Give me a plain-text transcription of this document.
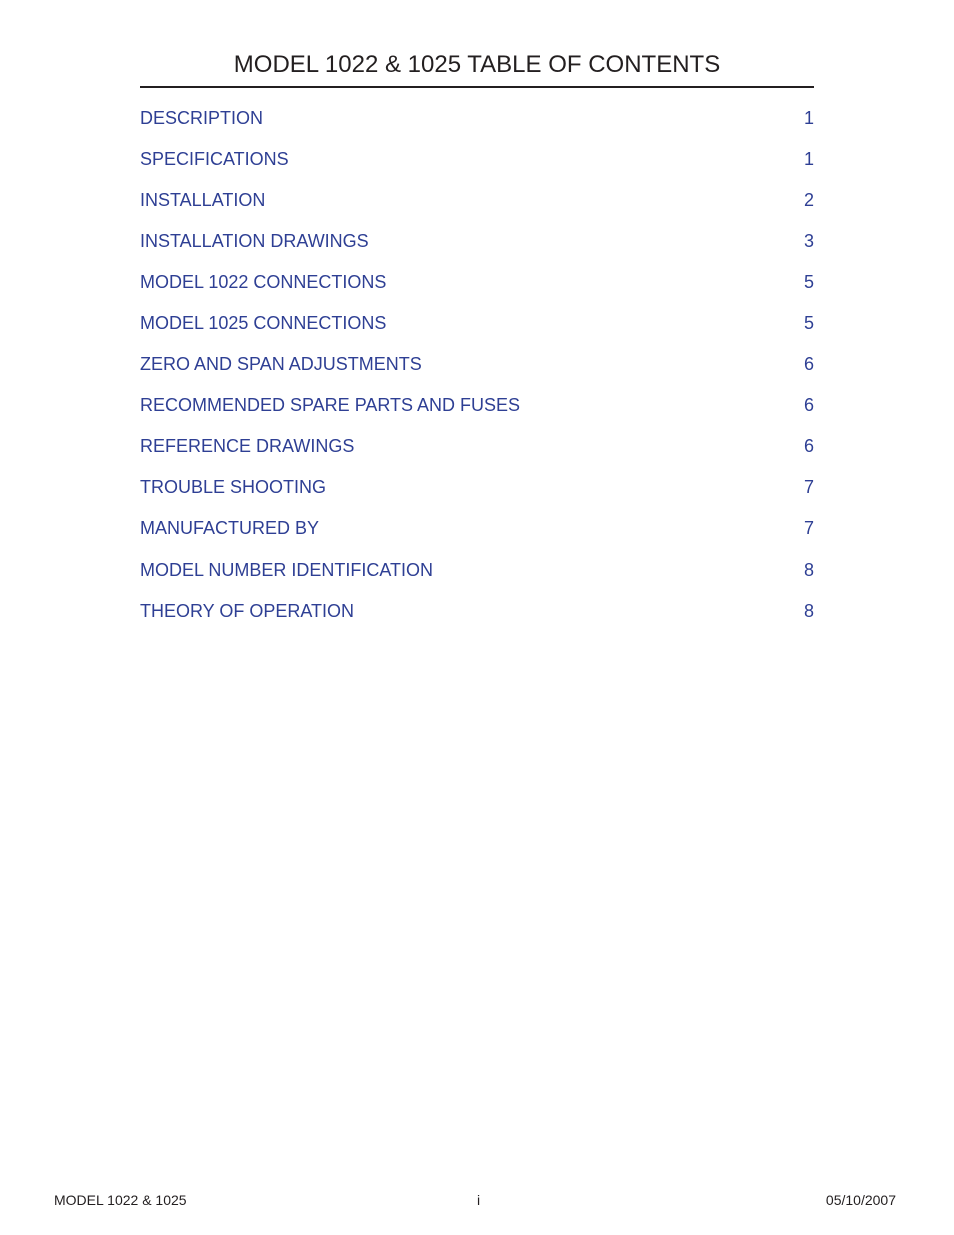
MODEL 1022 & 1025 TABLE OF CONTENTS
DESCRIPTION	1
SPECIFICATIONS	1
INSTALLATION	2
INSTALLATION DRAWINGS	3
MODEL 1022 CONNECTIONS	5
MODEL 1025 CONNECTIONS	5
ZERO AND SPAN ADJUSTMENTS	6
RECOMMENDED SPARE PARTS AND FUSES	6
REFERENCE DRAWINGS	6
TROUBLE SHOOTING	7
MANUFACTURED BY	7
MODEL NUMBER IDENTIFICATION	8
THEORY OF OPERATION	8
MODEL 1022 & 1025	i	05/10/2007
